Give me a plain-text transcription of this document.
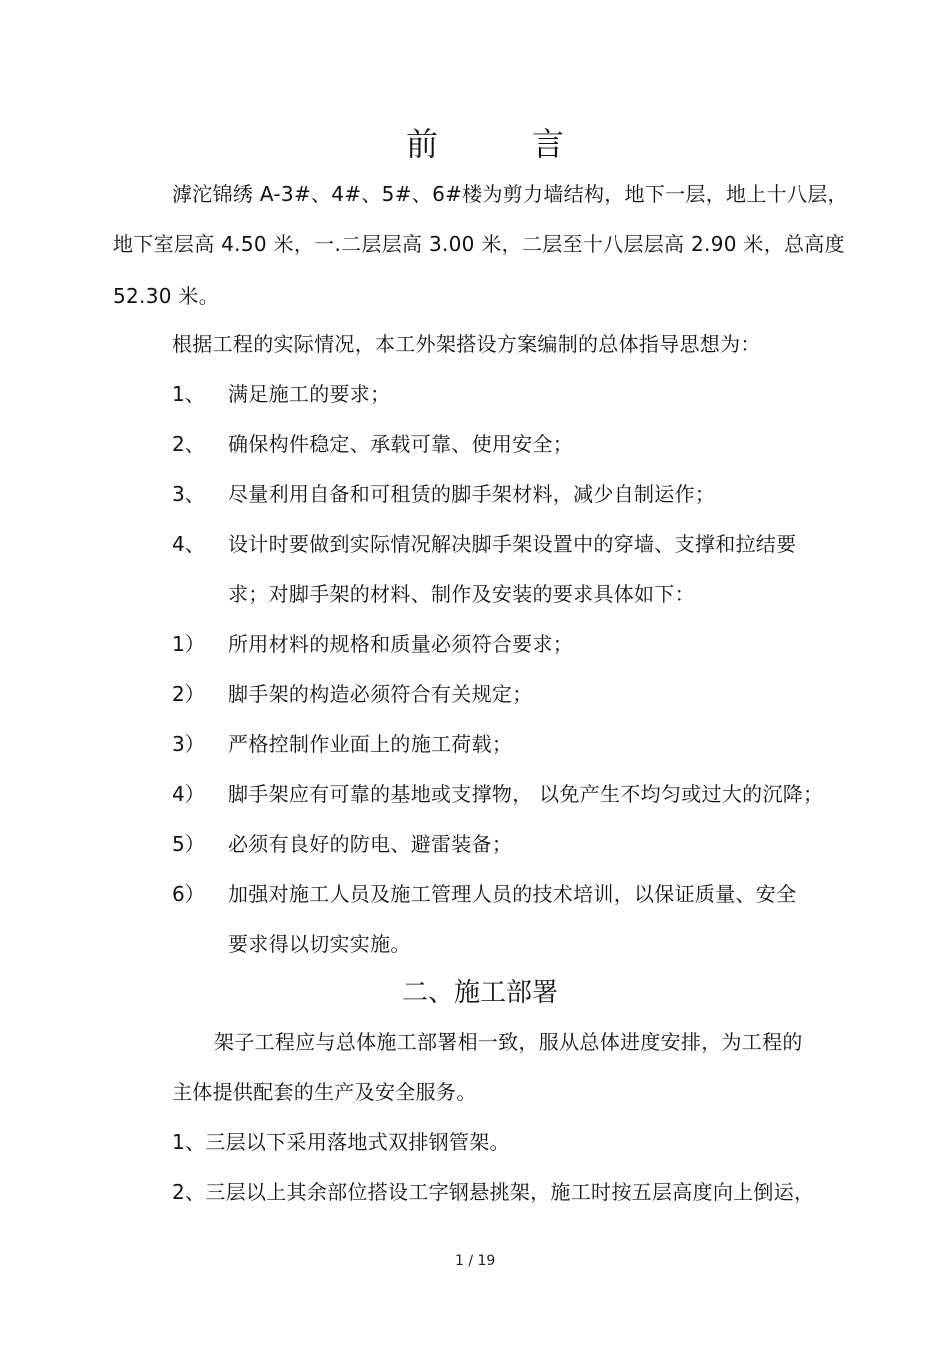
前	言
滹沱锦绣 A-3#、4#、5#、6#楼为剪力墙结构，地下一层，地上十八层，
地下室层高 4.50 米，一.二层层高 3.00 米，二层至十八层层高 2.90 米，总高度
52.30 米。
根据工程的实际情况，本工外架搭设方案编制的总体指导思想为：
1、 满足施工的要求；
2、 确保构件稳定、承载可靠、使用安全；
3、 尽量利用自备和可租赁的脚手架材料，减少自制运作；
4、 设计时要做到实际情况解决脚手架设置中的穿墙、支撑和拉结要
求；对脚手架的材料、制作及安装的要求具体如下：
1） 所用材料的规格和质量必须符合要求；
2） 脚手架的构造必须符合有关规定；
3） 严格控制作业面上的施工荷载；
4） 脚手架应有可靠的基地或支撑物， 以免产生不均匀或过大的沉降；
5） 必须有良好的防电、避雷装备；
6） 加强对施工人员及施工管理人员的技术培训，以保证质量、安全
要求得以切实实施。
二、施工部署
架子工程应与总体施工部署相一致，服从总体进度安排，为工程的
主体提供配套的生产及安全服务。
1、三层以下采用落地式双排钢管架。
2、三层以上其余部位搭设工字钢悬挑架，施工时按五层高度向上倒运，
1 / 19
